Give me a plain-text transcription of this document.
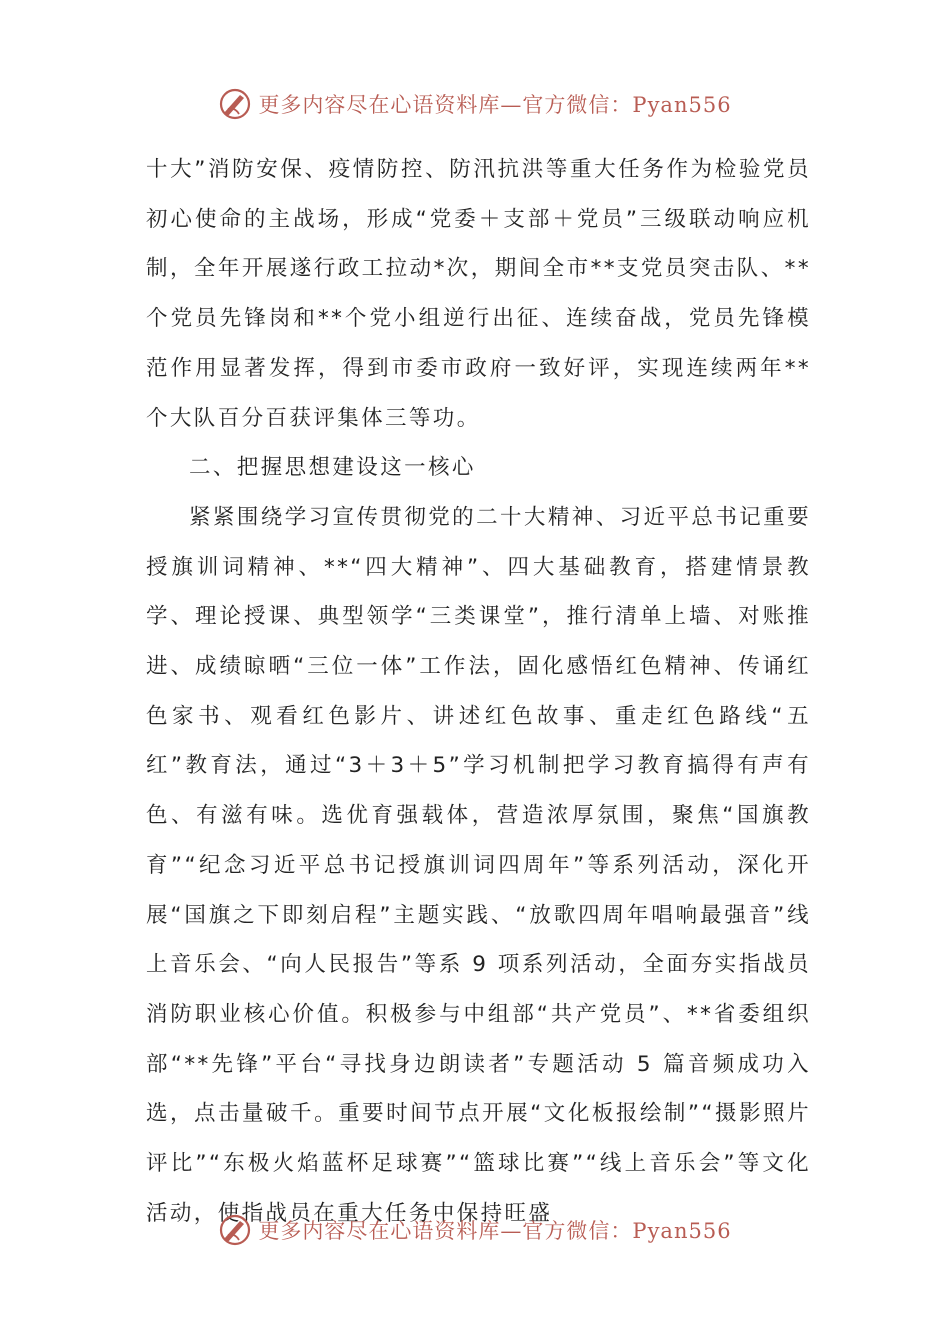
更多内容尽在心语资料库—官方微信：Pyan556

十大”消防安保、疫情防控、防汛抗洪等重大任务作为检验党员初心使命的主战场，形成“党委＋支部＋党员”三级联动响应机制，全年开展遂行政工拉动*次，期间全市**支党员突击队、**个党员先锋岗和**个党小组逆行出征、连续奋战，党员先锋模范作用显著发挥，得到市委市政府一致好评，实现连续两年**个大队百分百获评集体三等功。

二、把握思想建设这一核心

紧紧围绕学习宣传贯彻党的二十大精神、习近平总书记重要授旗训词精神、**“四大精神”、四大基础教育，搭建情景教学、理论授课、典型领学“三类课堂”，推行清单上墙、对账推进、成绩晾晒“三位一体”工作法，固化感悟红色精神、传诵红色家书、观看红色影片、讲述红色故事、重走红色路线“五红”教育法，通过“3＋3＋5”学习机制把学习教育搞得有声有色、有滋有味。选优育强载体，营造浓厚氛围，聚焦“国旗教育”“纪念习近平总书记授旗训词四周年”等系列活动，深化开展“国旗之下即刻启程”主题实践、“放歌四周年唱响最强音”线上音乐会、“向人民报告”等系 9 项系列活动，全面夯实指战员消防职业核心价值。积极参与中组部“共产党员”、**省委组织部“**先锋”平台“寻找身边朗读者”专题活动 5 篇音频成功入选，点击量破千。重要时间节点开展“文化板报绘制”“摄影照片评比”“东极火焰蓝杯足球赛”“篮球比赛”“线上音乐会”等文化活动，使指战员在重大任务中保持旺盛

更多内容尽在心语资料库—官方微信：Pyan556
